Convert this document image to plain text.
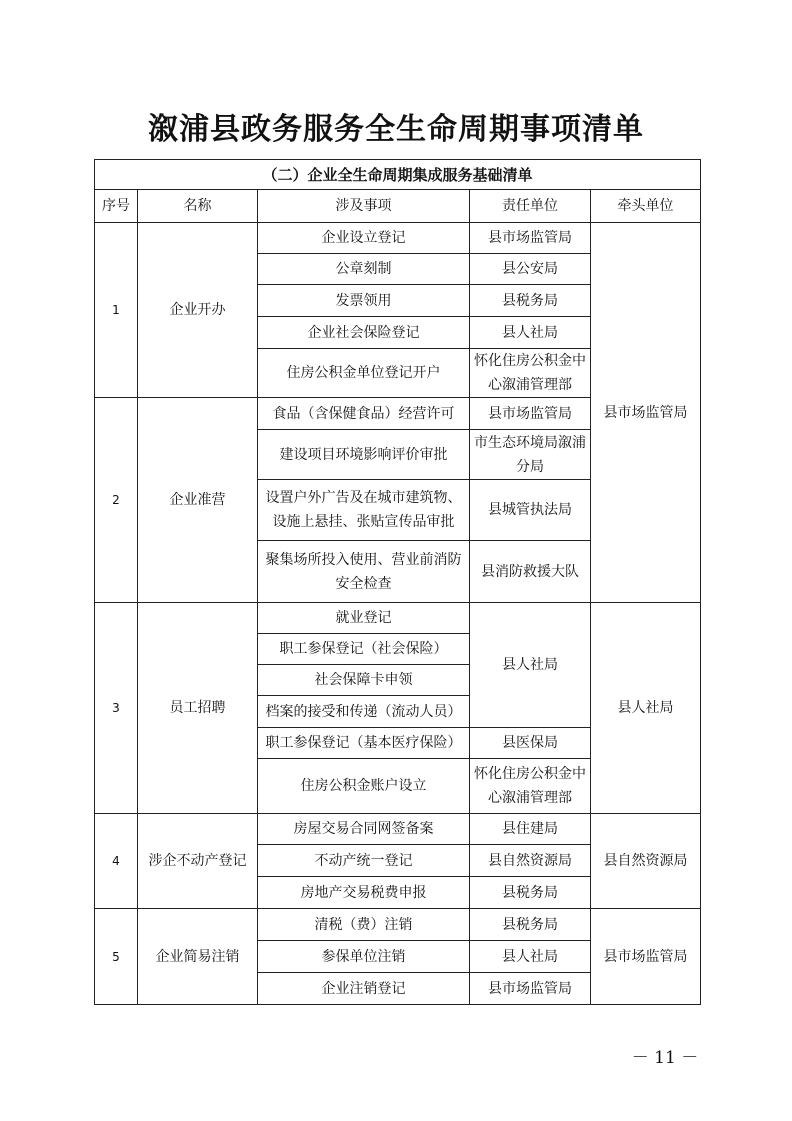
溆浦县政务服务全生命周期事项清单
（二）企业全生命周期集成服务基础清单				
序号	名称	涉及事项	责任单位	牵头单位
1	企业开办	企业设立登记	县市场监管局	县市场监管局
		公章刻制	县公安局	
		发票领用	县税务局	
		企业社会保险登记	县人社局	
		住房公积金单位登记开户	怀化住房公积金中心溆浦管理部	
2	企业准营	食品（含保健食品）经营许可	县市场监管局	
		建设项目环境影响评价审批	市生态环境局溆浦分局	
		设置户外广告及在城市建筑物、设施上悬挂、张贴宣传品审批	县城管执法局	
		聚集场所投入使用、营业前消防安全检查	县消防救援大队	
3	员工招聘	就业登记	县人社局	县人社局
		职工参保登记（社会保险）		
		社会保障卡申领		
		档案的接受和传递（流动人员）		
		职工参保登记（基本医疗保险）	县医保局	
		住房公积金账户设立	怀化住房公积金中心溆浦管理部	
4	涉企不动产登记	房屋交易合同网签备案	县住建局	县自然资源局
		不动产统一登记	县自然资源局	
		房地产交易税费申报	县税务局	
5	企业简易注销	清税（费）注销	县税务局	县市场监管局
		参保单位注销	县人社局	
		企业注销登记	县市场监管局	
－ 11 －
